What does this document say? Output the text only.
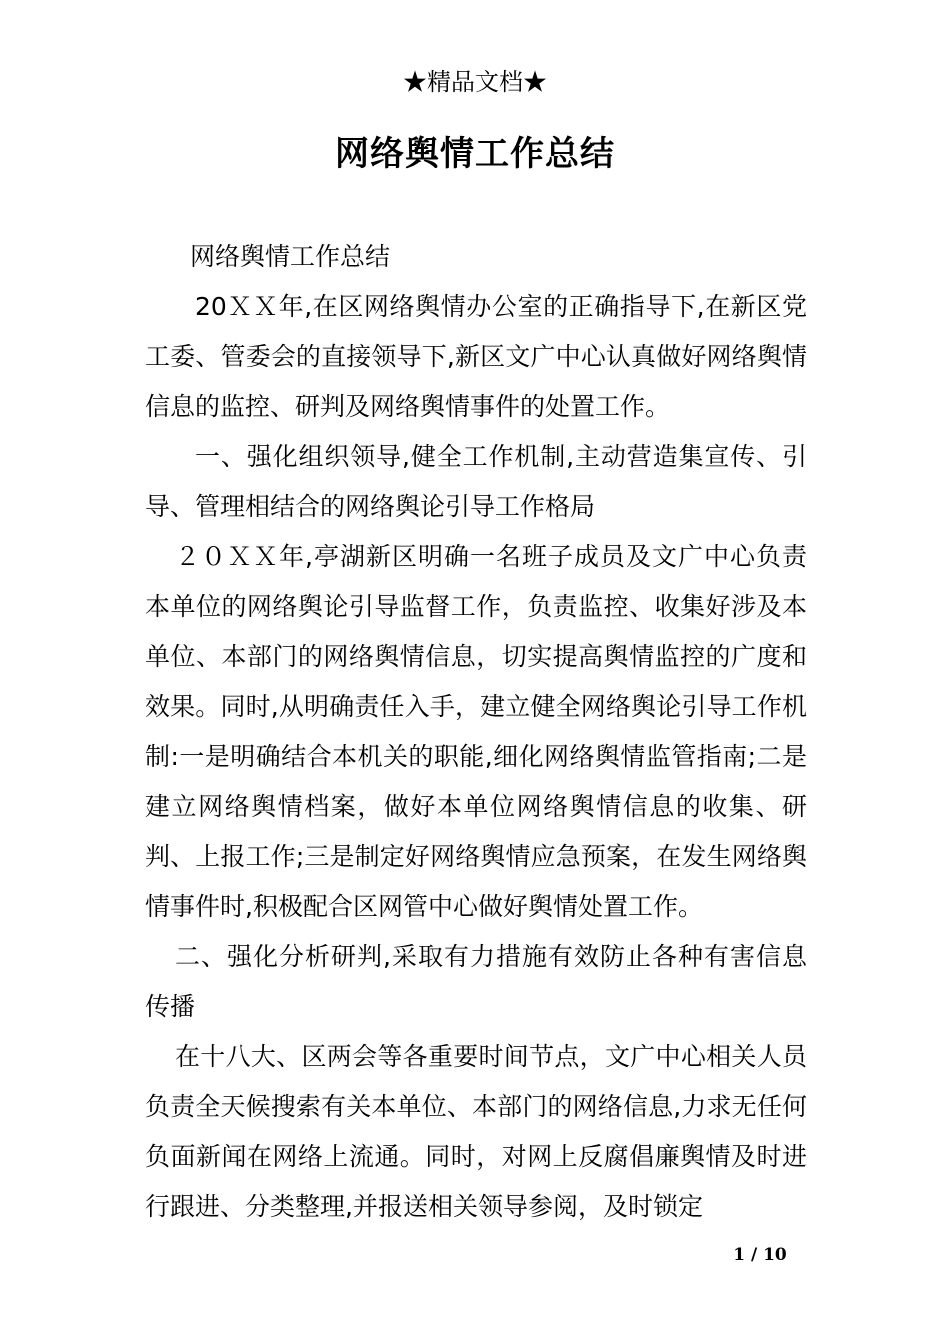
★精品文档★
网络舆情工作总结

网络舆情工作总结

20ＸＸ年,在区网络舆情办公室的正确指导下,在新区党工委、管委会的直接领导下,新区文广中心认真做好网络舆情信息的监控、研判及网络舆情事件的处置工作。

一、强化组织领导,健全工作机制,主动营造集宣传、引导、管理相结合的网络舆论引导工作格局

２０ＸＸ年,亭湖新区明确一名班子成员及文广中心负责本单位的网络舆论引导监督工作，负责监控、收集好涉及本单位、本部门的网络舆情信息，切实提高舆情监控的广度和效果。同时,从明确责任入手，建立健全网络舆论引导工作机制:一是明确结合本机关的职能,细化网络舆情监管指南;二是建立网络舆情档案，做好本单位网络舆情信息的收集、研判、上报工作;三是制定好网络舆情应急预案，在发生网络舆情事件时,积极配合区网管中心做好舆情处置工作。

二、强化分析研判,采取有力措施有效防止各种有害信息传播

在十八大、区两会等各重要时间节点，文广中心相关人员负责全天候搜索有关本单位、本部门的网络信息,力求无任何负面新闻在网络上流通。同时，对网上反腐倡廉舆情及时进行跟进、分类整理,并报送相关领导参阅，及时锁定

1 / 10
